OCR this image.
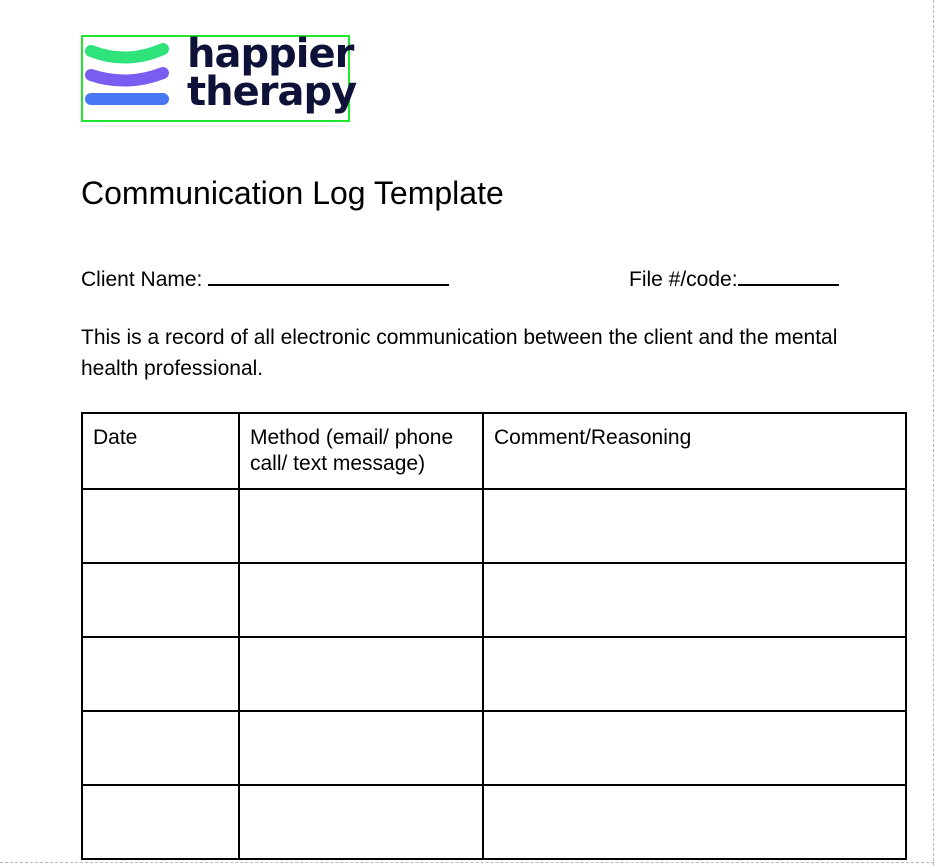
happier
therapy
Communication Log Template
Client Name:	File #/code:
This is a record of all electronic communication between the client and the mental health professional.
Date	Method (email/ phone call/ text message)	Comment/Reasoning
